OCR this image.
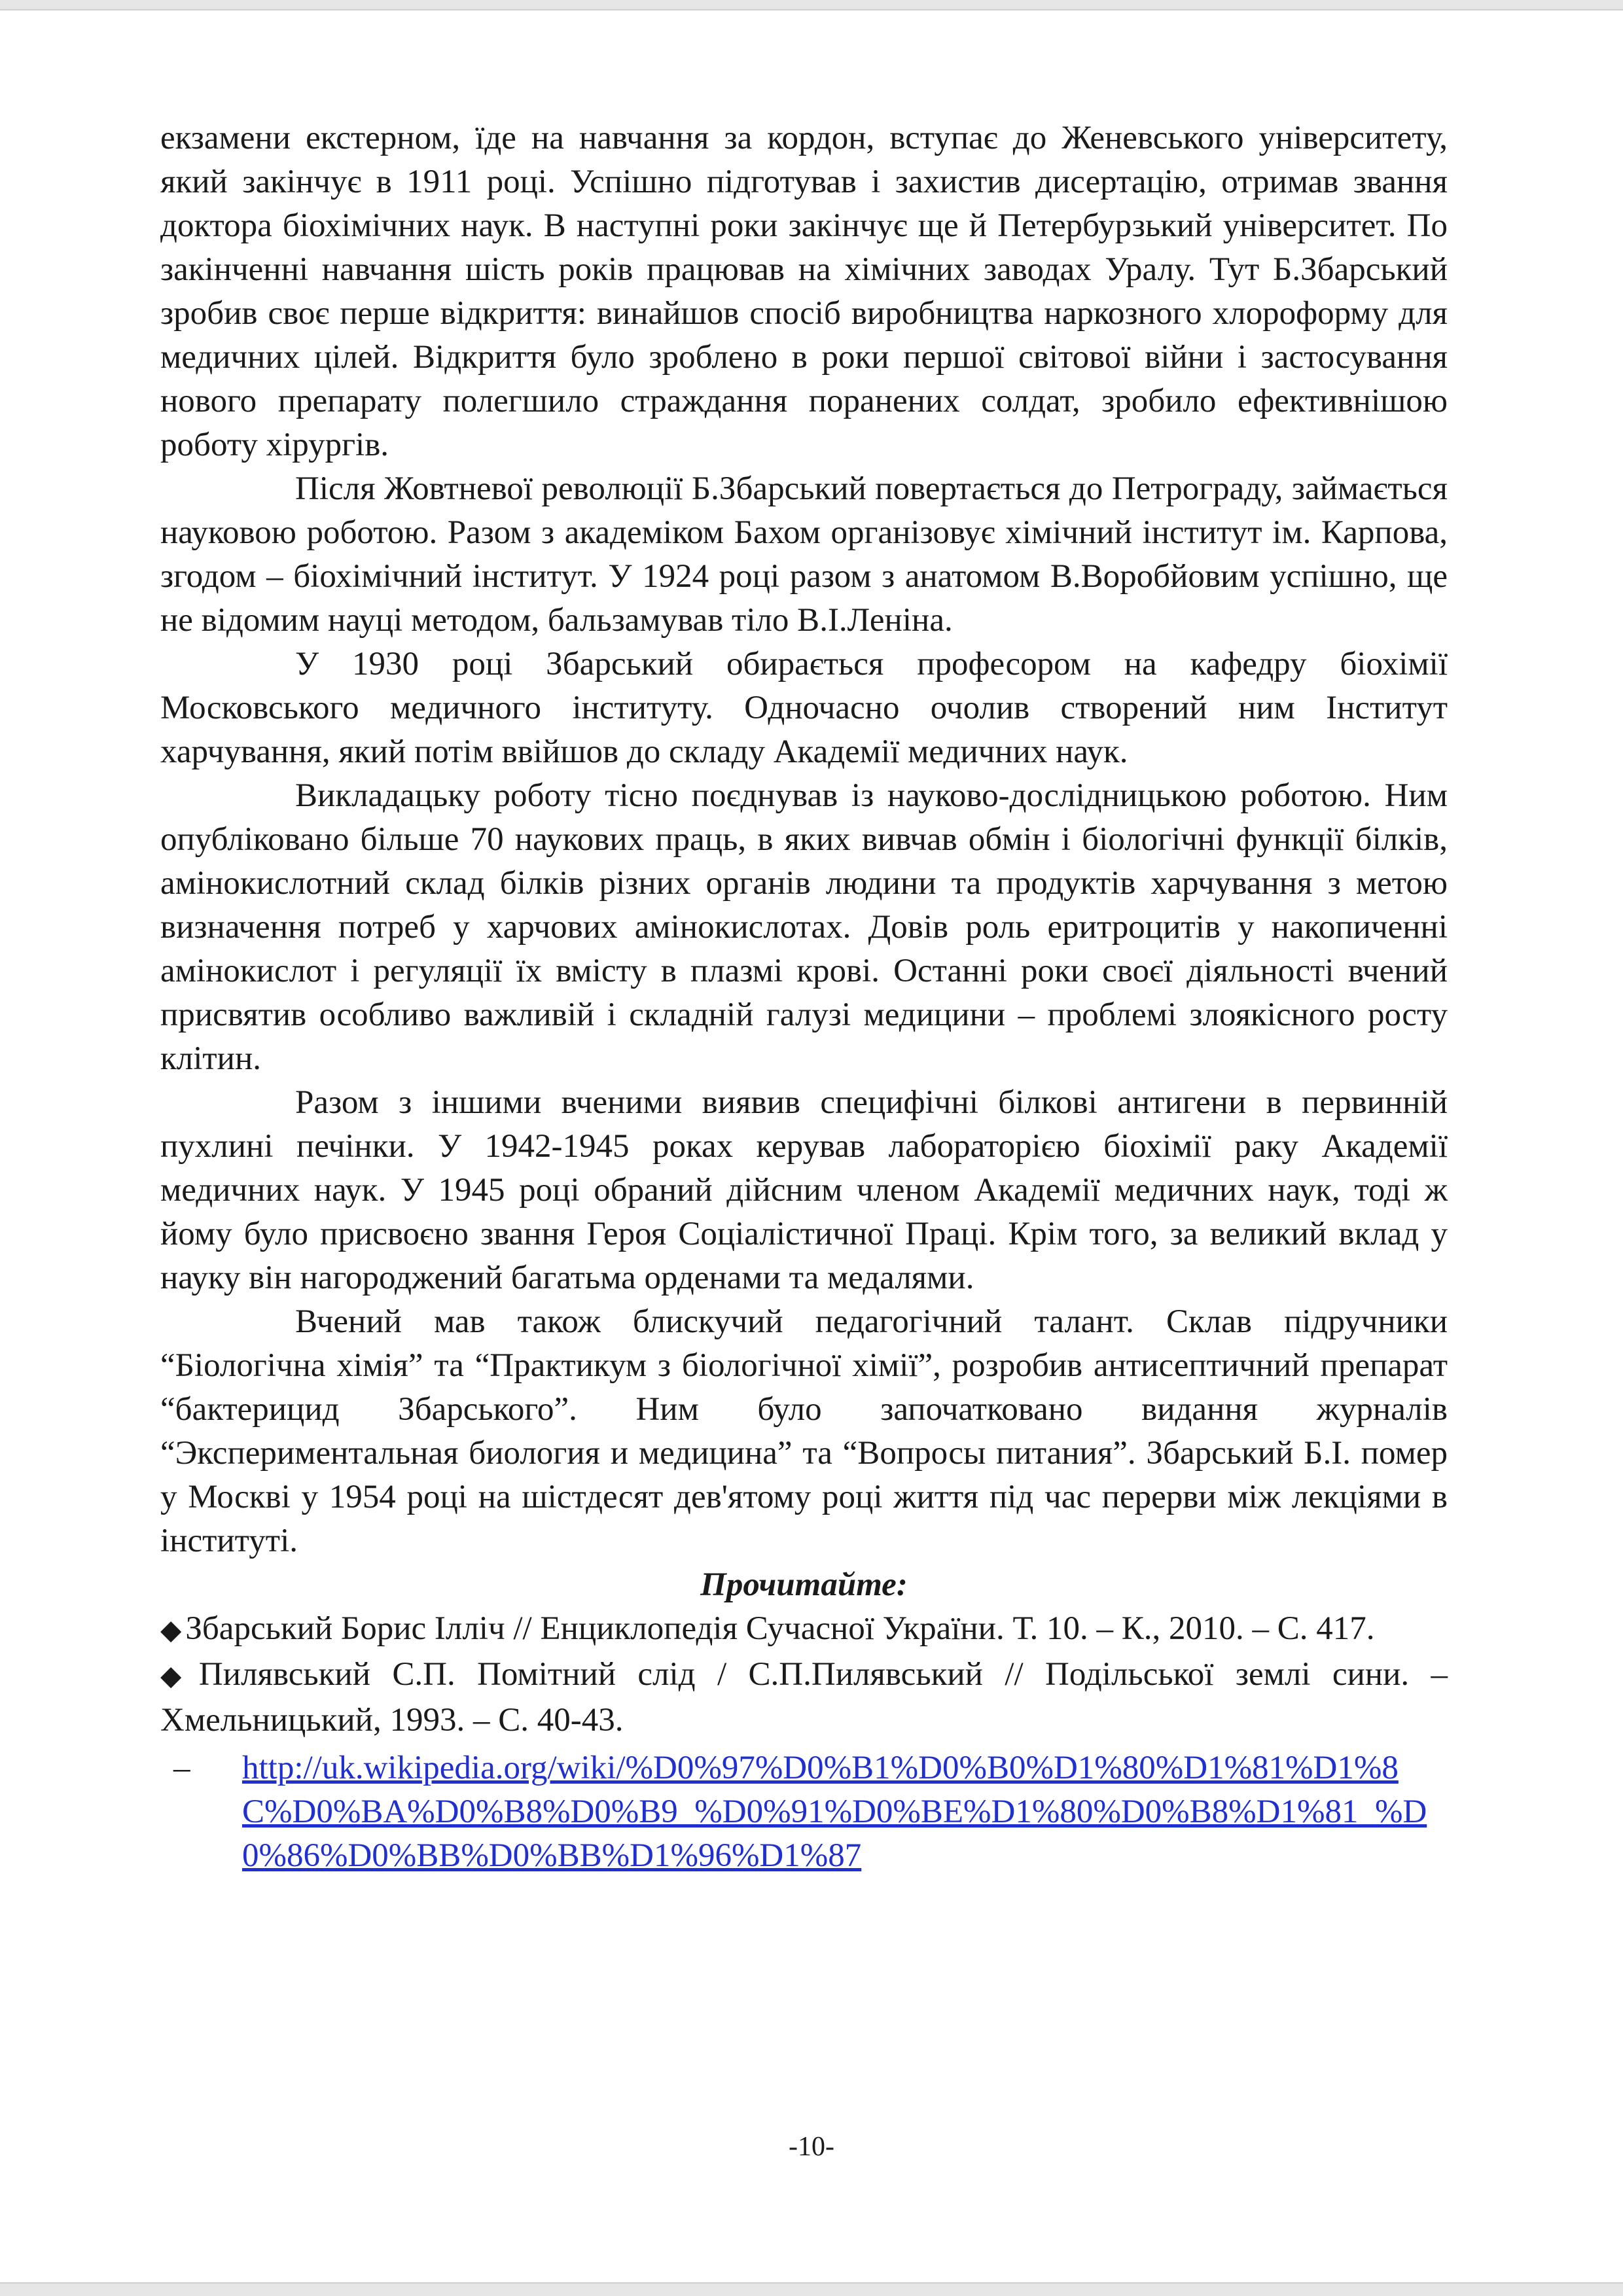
екзамени екстерном, їде на навчання за кордон, вступає до Женевського університету, який закінчує в 1911 році. Успішно підготував і захистив дисертацію, отримав звання доктора біохімічних наук. В наступні роки закінчує ще й Петербурзький університет. По закінченні навчання шість років працював на хімічних заводах Уралу. Тут Б.Збарський зробив своє перше відкриття: винайшов спосіб виробництва наркозного хлороформу для медичних цілей. Відкриття було зроблено в роки першої світової війни і застосування нового препарату полегшило страждання поранених солдат, зробило ефективнішою роботу хірургів.

Після Жовтневої революції Б.Збарський повертається до Петрограду, займається науковою роботою. Разом з академіком Бахом організовує хімічний інститут ім. Карпова, згодом – біохімічний інститут. У 1924 році разом з анатомом В.Воробйовим успішно, ще не відомим науці методом, бальзамував тіло В.І.Леніна.

У 1930 році Збарський обирається професором на кафедру біохімії Московського медичного інституту. Одночасно очолив створений ним Інститут харчування, який потім ввійшов до складу Академії медичних наук.

Викладацьку роботу тісно поєднував із науково-дослідницькою роботою. Ним опубліковано більше 70 наукових праць, в яких вивчав обмін і біологічні функції білків, амінокислотний склад білків різних органів людини та продуктів харчування з метою визначення потреб у харчових амінокислотах. Довів роль еритроцитів у накопиченні амінокислот і регуляції їх вмісту в плазмі крові. Останні роки своєї діяльності вчений присвятив особливо важливій і складній галузі медицини – проблемі злоякісного росту клітин.

Разом з іншими вченими виявив специфічні білкові антигени в первинній пухлині печінки. У 1942-1945 роках керував лабораторією біохімії раку Академії медичних наук. У 1945 році обраний дійсним членом Академії медичних наук, тоді ж йому було присвоєно звання Героя Соціалістичної Праці. Крім того, за великий вклад у науку він нагороджений багатьма орденами та медалями.

Вчений мав також блискучий педагогічний талант. Склав підручники “Біологічна хімія” та “Практикум з біологічної хімії”, розробив антисептичний препарат “бактерицид Збарського”. Ним було започатковано видання журналів “Экспериментальная биология и медицина” та “Вопросы питания”. Збарський Б.І. помер у Москві у 1954 році на шістдесят дев'ятому році життя під час перерви між лекціями в інституті.

Прочитайте:

◆ Збарський Борис Ілліч // Енциклопедія Сучасної України. Т. 10. – К., 2010. – С. 417.

◆ Пилявський С.П. Помітний слід / С.П.Пилявський // Подільської землі сини. – Хмельницький, 1993. – С. 40-43.

–	http://uk.wikipedia.org/wiki/%D0%97%D0%B1%D0%B0%D1%80%D1%81%D1%8C%D0%BA%D0%B8%D0%B9_%D0%91%D0%BE%D1%80%D0%B8%D1%81_%D0%86%D0%BB%D0%BB%D1%96%D1%87
-10-
